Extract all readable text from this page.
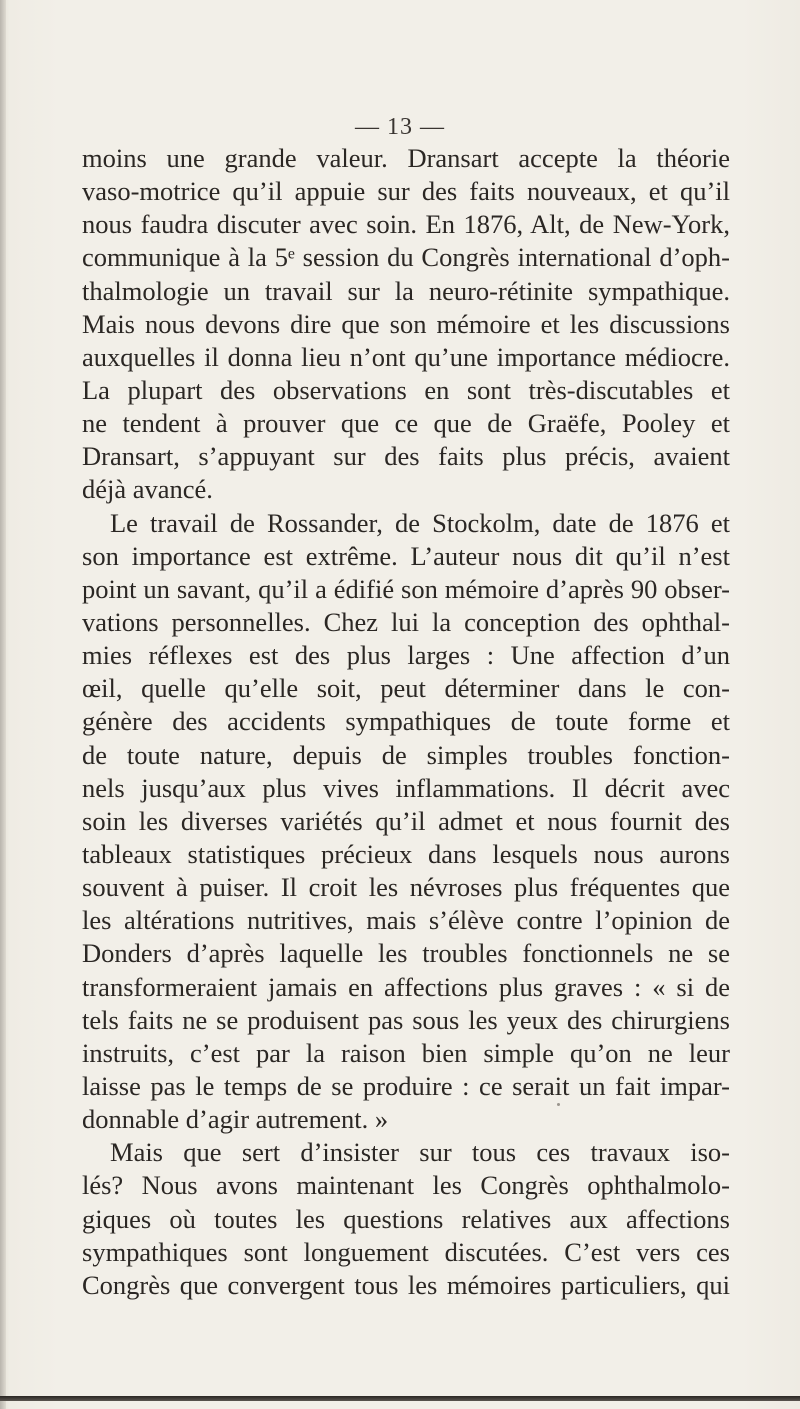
— 13 —
moins une grande valeur. Dransart accepte la théorie
vaso-motrice qu’il appuie sur des faits nouveaux, et qu’il
nous faudra discuter avec soin. En 1876, Alt, de New-York,
communique à la 5ᵉ session du Congrès international d’oph-
thalmologie un travail sur la neuro-rétinite sympathique.
Mais nous devons dire que son mémoire et les discussions
auxquelles il donna lieu n’ont qu’une importance médiocre.
La plupart des observations en sont très-discutables et
ne tendent à prouver que ce que de Graëfe, Pooley et
Dransart, s’appuyant sur des faits plus précis, avaient
déjà avancé.
Le travail de Rossander, de Stockolm, date de 1876 et
son importance est extrême. L’auteur nous dit qu’il n’est
point un savant, qu’il a édifié son mémoire d’après 90 obser-
vations personnelles. Chez lui la conception des ophthal-
mies réflexes est des plus larges : Une affection d’un
œil, quelle qu’elle soit, peut déterminer dans le con-
génère des accidents sympathiques de toute forme et
de toute nature, depuis de simples troubles fonction-
nels jusqu’aux plus vives inflammations. Il décrit avec
soin les diverses variétés qu’il admet et nous fournit des
tableaux statistiques précieux dans lesquels nous aurons
souvent à puiser. Il croit les névroses plus fréquentes que
les altérations nutritives, mais s’élève contre l’opinion de
Donders d’après laquelle les troubles fonctionnels ne se
transformeraient jamais en affections plus graves : « si de
tels faits ne se produisent pas sous les yeux des chirurgiens
instruits, c’est par la raison bien simple qu’on ne leur
laisse pas le temps de se produire : ce serait un fait impar-
donnable d’agir autrement. »
Mais que sert d’insister sur tous ces travaux iso-
lés? Nous avons maintenant les Congrès ophthalmolo-
giques où toutes les questions relatives aux affections
sympathiques sont longuement discutées. C’est vers ces
Congrès que convergent tous les mémoires particuliers, qui
